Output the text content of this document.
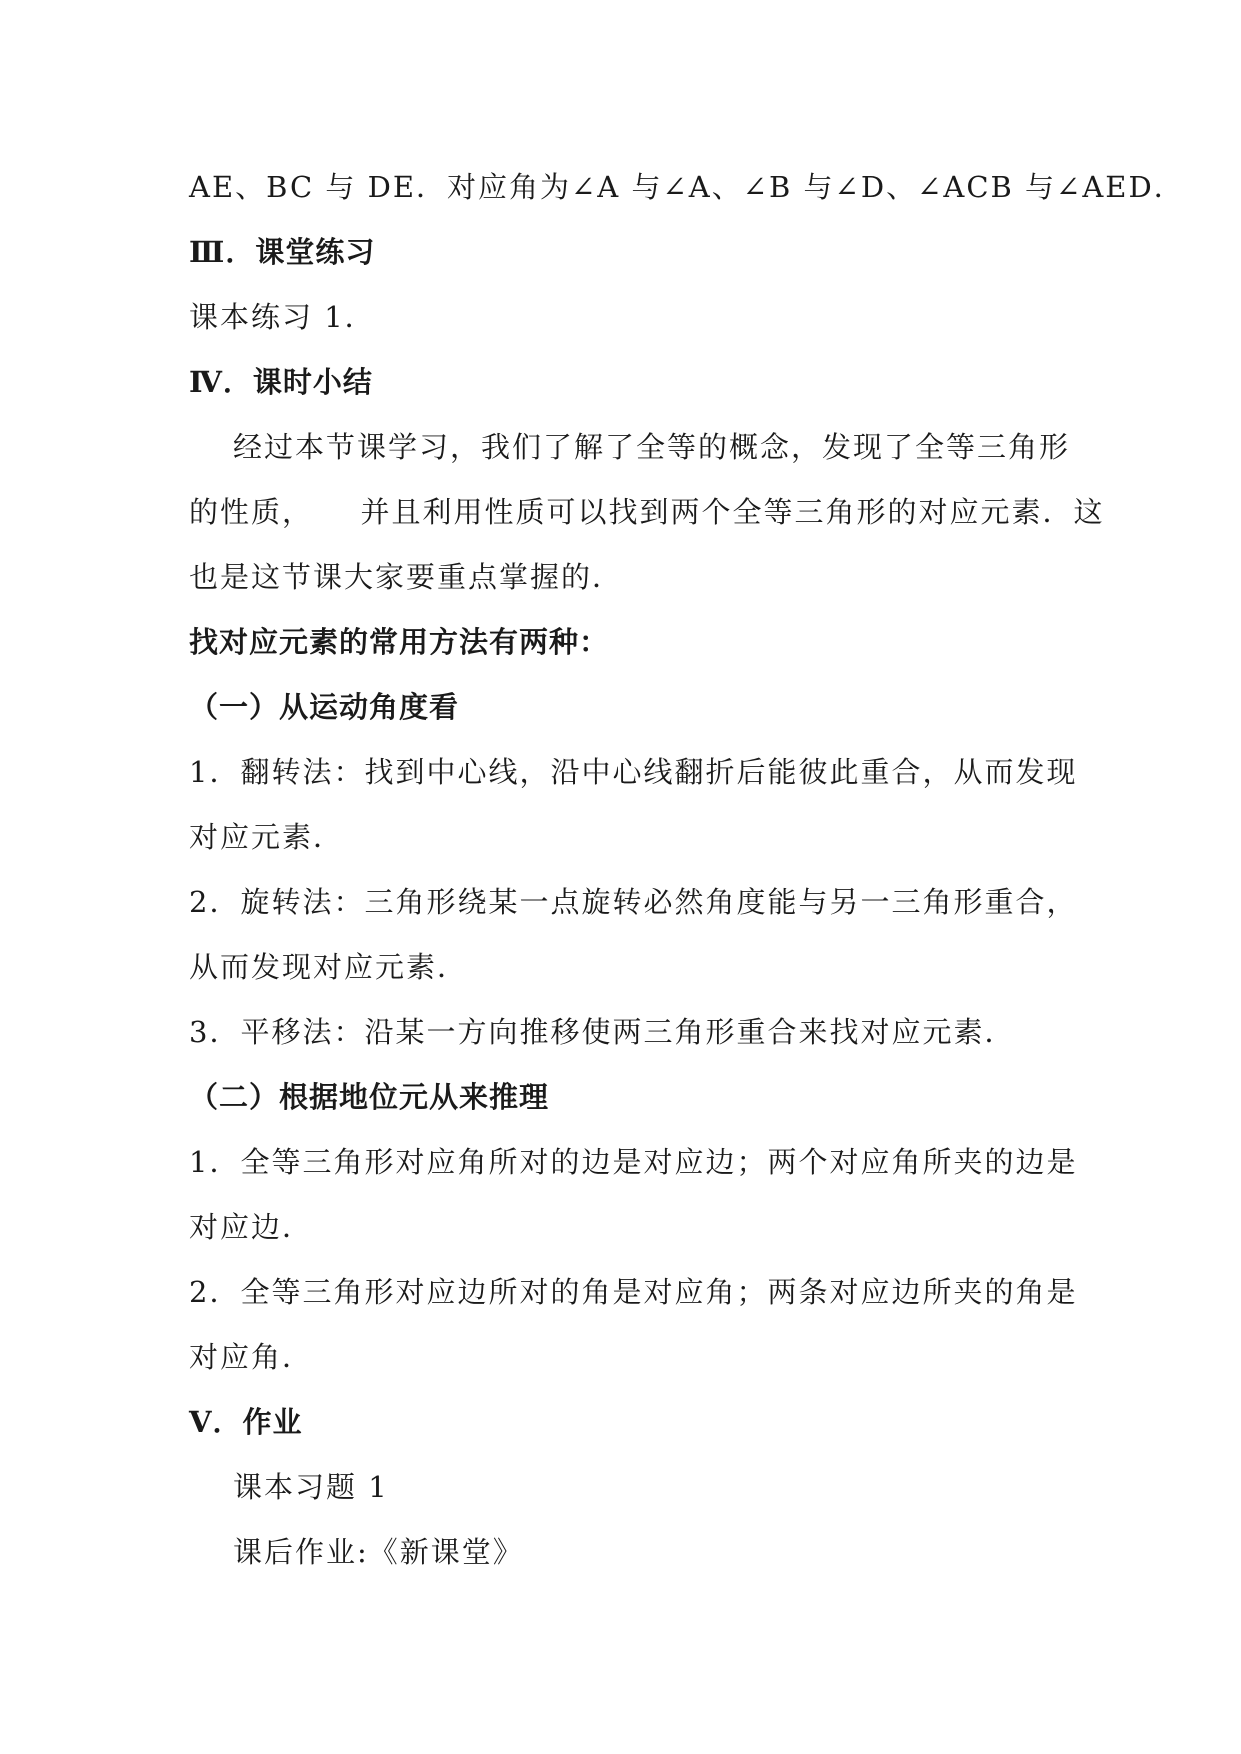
AE、BC 与 DE．对应角为∠A 与∠A、∠B 与∠D、∠ACB 与∠AED．
Ⅲ．课堂练习
课本练习 1．
Ⅳ．课时小结
经过本节课学习，我们了解了全等的概念，发现了全等三角形
的性质，　　并且利用性质可以找到两个全等三角形的对应元素．这
也是这节课大家要重点掌握的．
找对应元素的常用方法有两种：
（一）从运动角度看
1．翻转法：找到中心线，沿中心线翻折后能彼此重合，从而发现
对应元素．
2．旋转法：三角形绕某一点旋转必然角度能与另一三角形重合，
从而发现对应元素．
3．平移法：沿某一方向推移使两三角形重合来找对应元素．
（二）根据地位元从来推理
1．全等三角形对应角所对的边是对应边；两个对应角所夹的边是
对应边．
2．全等三角形对应边所对的角是对应角；两条对应边所夹的角是
对应角．
Ⅴ．作业
课本习题 1
课后作业:《新课堂》
